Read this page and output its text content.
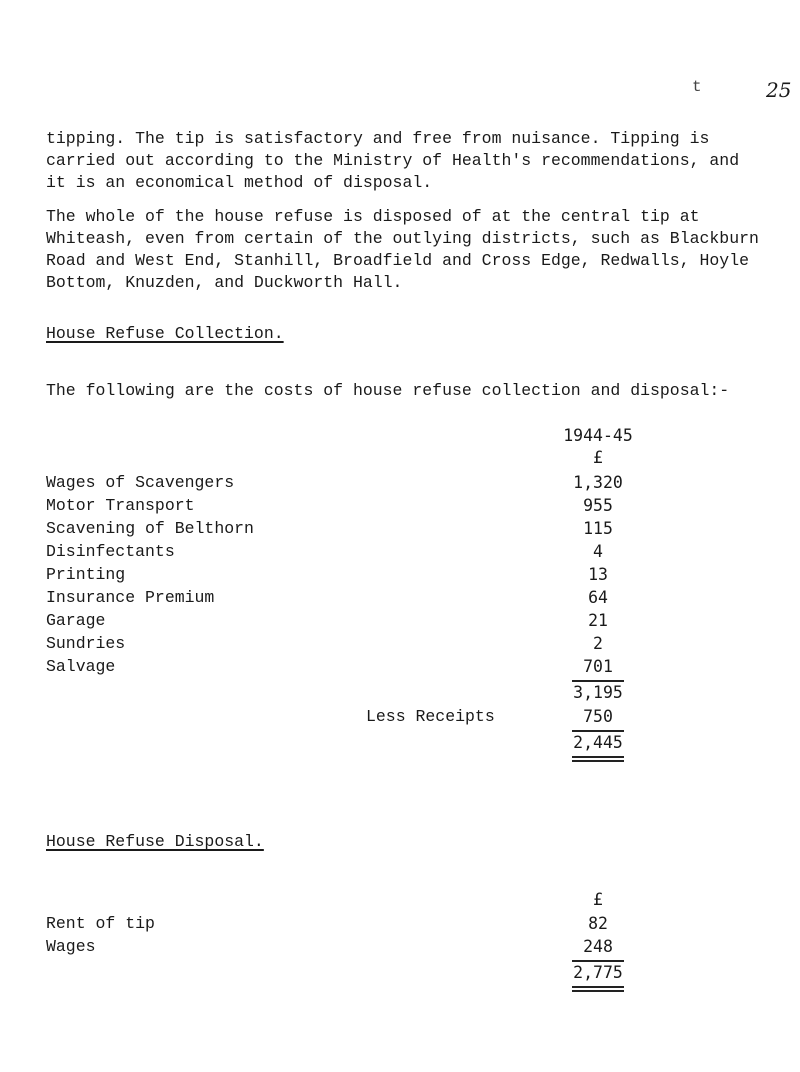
t	25

tipping. The tip is satisfactory and free from nuisance. Tipping is carried out according to the Ministry of Health's recommendations, and it is an economical method of disposal.

The whole of the house refuse is disposed of at the central tip at Whiteash, even from certain of the outlying districts, such as Blackburn Road and West End, Stanhill, Broadfield and Cross Edge, Redwalls, Hoyle Bottom, Knuzden, and Duckworth Hall.

House Refuse Collection.

The following are the costs of house refuse collection and disposal:-

1944-45
£
Wages of Scavengers	1,320
Motor Transport	955
Scavening of Belthorn	115
Disinfectants	4
Printing	13
Insurance Premium	64
Garage	21
Sundries	2
Salvage	701
3,195
Less Receipts	750
2,445
House Refuse Disposal.
£
Rent of tip	82
Wages	248
2,775
